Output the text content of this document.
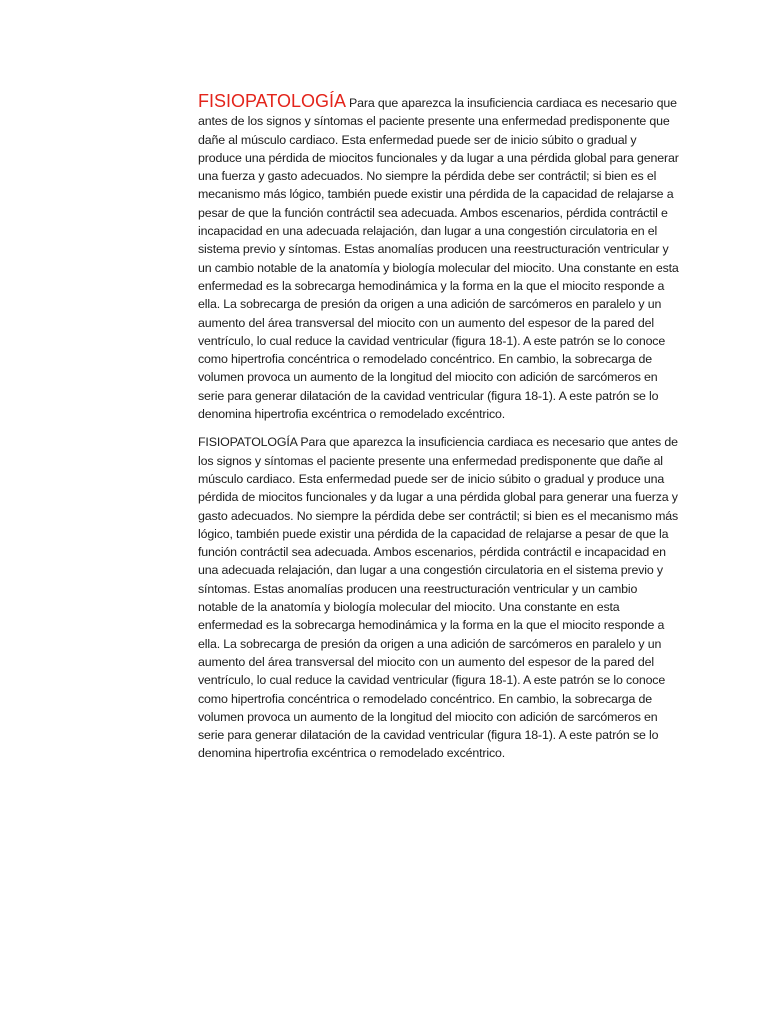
FISIOPATOLOGÍA Para que aparezca la insuficiencia cardiaca es necesario que antes de los signos y síntomas el paciente presente una enfermedad predisponente que dañe al músculo cardiaco. Esta enfermedad puede ser de inicio súbito o gradual y produce una pérdida de miocitos funcionales y da lugar a una pérdida global para generar una fuerza y gasto adecuados. No siempre la pérdida debe ser contráctil; si bien es el mecanismo más lógico, también puede existir una pérdida de la capacidad de relajarse a pesar de que la función contráctil sea adecuada. Ambos escenarios, pérdida contráctil e incapacidad en una adecuada relajación, dan lugar a una congestión circulatoria en el sistema previo y síntomas. Estas anomalías producen una reestructuración ventricular y un cambio notable de la anatomía y biología molecular del miocito. Una constante en esta enfermedad es la sobrecarga hemodinámica y la forma en la que el miocito responde a ella. La sobrecarga de presión da origen a una adición de sarcómeros en paralelo y un aumento del área transversal del miocito con un aumento del espesor de la pared del ventrículo, lo cual reduce la cavidad ventricular (figura 18-1). A este patrón se lo conoce como hipertrofia concéntrica o remodelado concéntrico. En cambio, la sobrecarga de volumen provoca un aumento de la longitud del miocito con adición de sarcómeros en serie para generar dilatación de la cavidad ventricular (figura 18-1). A este patrón se lo denomina hipertrofia excéntrica o remodelado excéntrico.

FISIOPATOLOGÍA Para que aparezca la insuficiencia cardiaca es necesario que antes de los signos y síntomas el paciente presente una enfermedad predisponente que dañe al músculo cardiaco. Esta enfermedad puede ser de inicio súbito o gradual y produce una pérdida de miocitos funcionales y da lugar a una pérdida global para generar una fuerza y gasto adecuados. No siempre la pérdida debe ser contráctil; si bien es el mecanismo más lógico, también puede existir una pérdida de la capacidad de relajarse a pesar de que la función contráctil sea adecuada. Ambos escenarios, pérdida contráctil e incapacidad en una adecuada relajación, dan lugar a una congestión circulatoria en el sistema previo y síntomas. Estas anomalías producen una reestructuración ventricular y un cambio notable de la anatomía y biología molecular del miocito. Una constante en esta enfermedad es la sobrecarga hemodinámica y la forma en la que el miocito responde a ella. La sobrecarga de presión da origen a una adición de sarcómeros en paralelo y un aumento del área transversal del miocito con un aumento del espesor de la pared del ventrículo, lo cual reduce la cavidad ventricular (figura 18-1). A este patrón se lo conoce como hipertrofia concéntrica o remodelado concéntrico. En cambio, la sobrecarga de volumen provoca un aumento de la longitud del miocito con adición de sarcómeros en serie para generar dilatación de la cavidad ventricular (figura 18-1). A este patrón se lo denomina hipertrofia excéntrica o remodelado excéntrico.
